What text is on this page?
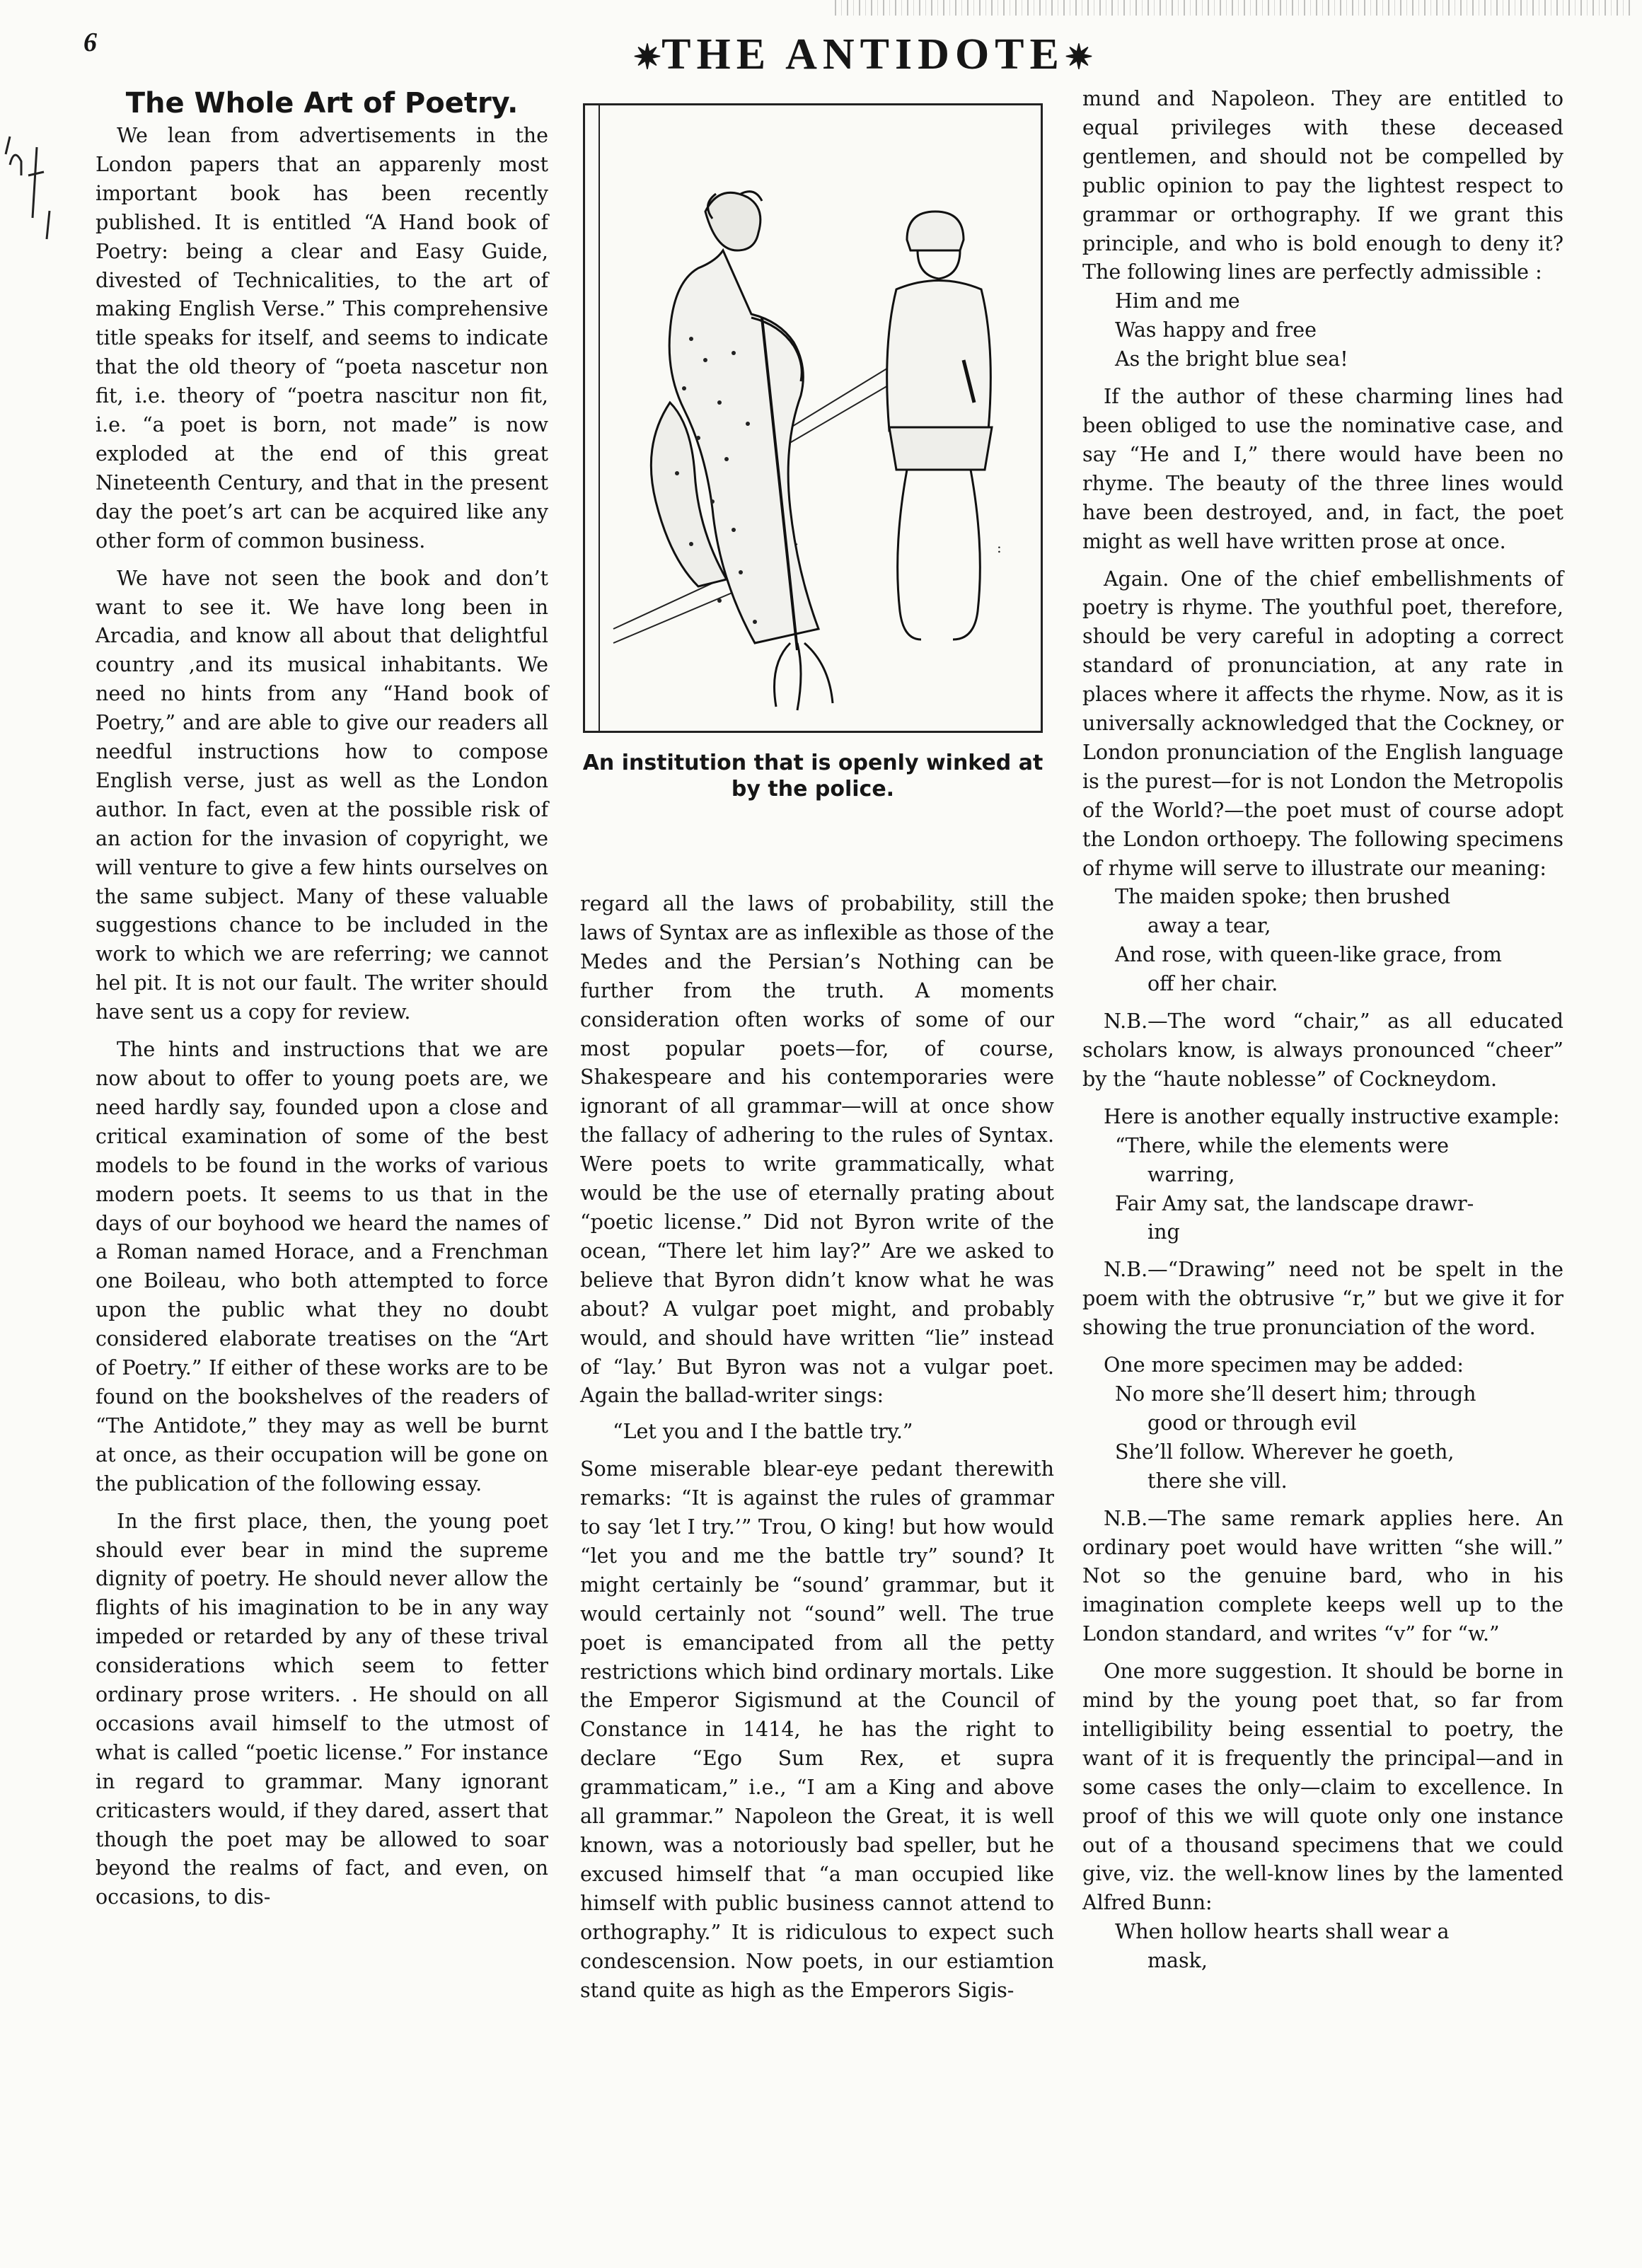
6	✷THE ANTIDOTE✷

The Whole Art of Poetry.

We lean from advertisements in the London papers that an apparenly most important book has been recently published. It is entitled “A Hand book of Poetry: being a clear and Easy Guide, divested of Technicalities, to the art of making English Verse.” This comprehensive title speaks for itself, and seems to indicate that the old theory of “poeta nascetur non fit, i.e. theory of “poetra nascitur non fit, i.e. “a poet is born, not made” is now exploded at the end of this great Nineteenth Century, and that in the present day the poet’s art can be acquired like any other form of common business.

We have not seen the book and don’t want to see it. We have long been in Arcadia, and know all about that delightful country ,and its musical inhabitants. We need no hints from any “Hand book of Poetry,” and are able to give our readers all needful instructions how to compose English verse, just as well as the London author. In fact, even at the possible risk of an action for the invasion of copyright, we will venture to give a few hints ourselves on the same subject. Many of these valuable suggestions chance to be included in the work to which we are referring; we cannot hel pit. It is not our fault. The writer should have sent us a copy for review.

The hints and instructions that we are now about to offer to young poets are, we need hardly say, founded upon a close and critical examination of some of the best models to be found in the works of various modern poets. It seems to us that in the days of our boyhood we heard the names of a Roman named Horace, and a Frenchman one Boileau, who both attempted to force upon the public what they no doubt considered elaborate treatises on the “Art of Poetry.” If either of these works are to be found on the bookshelves of the readers of “The Antidote,” they may as well be burnt at once, as their occupation will be gone on the publication of the following essay.

In the first place, then, the young poet should ever bear in mind the supreme dignity of poetry. He should never allow the flights of his imagination to be in any way impeded or retarded by any of these trival considerations which seem to fetter ordinary prose writers. . He should on all occasions avail himself to the utmost of what is called “poetic license.” For instance in regard to grammar. Many ignorant criticasters would, if they dared, assert that though the poet may be allowed to soar beyond the realms of fact, and even, on occasions, to dis-

:
An institution that is openly winked at by the police.

regard all the laws of probability, still the laws of Syntax are as inflexible as those of the Medes and the Persian’s Nothing can be further from the truth. A moments consideration often works of some of our most popular poets—for, of course, Shakespeare and his contemporaries were ignorant of all grammar—will at once show the fallacy of adhering to the rules of Syntax. Were poets to write grammatically, what would be the use of eternally prating about “poetic license.” Did not Byron write of the ocean, “There let him lay?” Are we asked to believe that Byron didn’t know what he was about? A vulgar poet might, and probably would, and should have written “lie” instead of “lay.’ But Byron was not a vulgar poet. Again the ballad-writer sings:

“Let you and I the battle try.”

Some miserable blear-eye pedant therewith remarks: “It is against the rules of grammar to say ‘let I try.’” Trou, O king! but how would “let you and me the battle try” sound? It might certainly be “sound’ grammar, but it would certainly not “sound” well. The true poet is emancipated from all the petty restrictions which bind ordinary mortals. Like the Emperor Sigismund at the Council of Constance in 1414, he has the right to declare “Ego Sum Rex, et supra grammaticam,” i.e., “I am a King and above all grammar.” Napoleon the Great, it is well known, was a notoriously bad speller, but he excused himself that “a man occupied like himself with public business cannot attend to orthography.” It is ridiculous to expect such condescension. Now poets, in our estiamtion stand quite as high as the Emperors Sigis-

mund and Napoleon. They are entitled to equal privileges with these deceased gentlemen, and should not be compelled by public opinion to pay the lightest respect to grammar or orthography. If we grant this principle, and who is bold enough to deny it? The following lines are perfectly admissible :

Him and me

Was happy and free

As the bright blue sea!

If the author of these charming lines had been obliged to use the nominative case, and say “He and I,” there would have been no rhyme. The beauty of the three lines would have been destroyed, and, in fact, the poet might as well have written prose at once.

Again. One of the chief embellishments of poetry is rhyme. The youthful poet, therefore, should be very careful in adopting a correct standard of pronunciation, at any rate in places where it affects the rhyme. Now, as it is universally acknowledged that the Cockney, or London pronunciation of the English language is the purest—for is not London the Metropolis of the World?—the poet must of course adopt the London orthoepy. The following specimens of rhyme will serve to illustrate our meaning:

The maiden spoke; then brushed
away a tear,

And rose, with queen-like grace, from
off her chair.

N.B.—The word “chair,” as all educated scholars know, is always pronounced “cheer” by the “haute noblesse” of Cockneydom.

Here is another equally instructive example:

“There, while the elements were
warring,

Fair Amy sat, the landscape drawr-
ing

N.B.—“Drawing” need not be spelt in the poem with the obtrusive “r,” but we give it for showing the true pronunciation of the word.

One more specimen may be added:

No more she’ll desert him; through
good or through evil

She’ll follow. Wherever he goeth,
there she vill.

N.B.—The same remark applies here. An ordinary poet would have written “she will.” Not so the genuine bard, who in his imagination complete keeps well up to the London standard, and writes “v” for “w.”

One more suggestion. It should be borne in mind by the young poet that, so far from intelligibility being essential to poetry, the want of it is frequently the principal—and in some cases the only—claim to excellence. In proof of this we will quote only one instance out of a thousand specimens that we could give, viz. the well-know lines by the lamented Alfred Bunn:

When hollow hearts shall wear a
mask,
